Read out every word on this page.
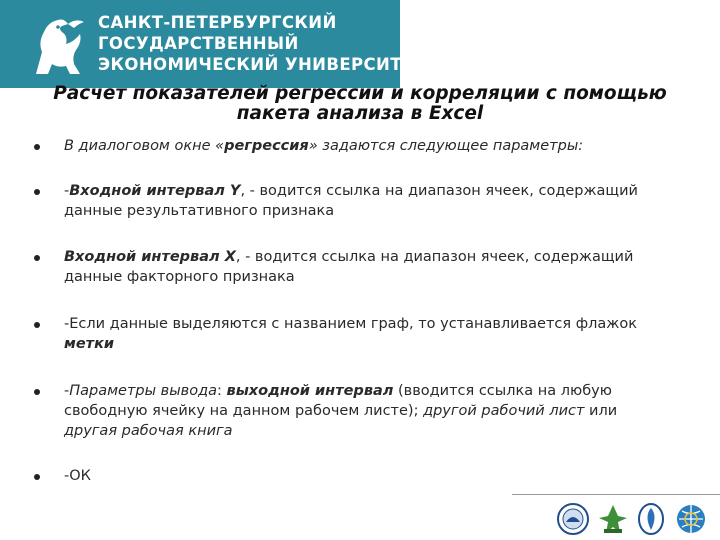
САНКТ-ПЕТЕРБУРГСКИЙ
ГОСУДАРСТВЕННЫЙ
ЭКОНОМИЧЕСКИЙ УНИВЕРСИТЕТ
Расчет показателей регрессии и корреляции с помощью
пакета анализа в Excel
В диалоговом окне «регрессия» задаются следующее параметры:
-Входной интервал Y, - водится ссылка на диапазон ячеек, содержащий
данные результативного признака
Входной интервал X, - водится ссылка на диапазон ячеек, содержащий
данные факторного признака
-Если данные выделяются с названием граф, то устанавливается флажок
метки
-Параметры вывода: выходной интервал (вводится ссылка на любую
свободную ячейку на данном рабочем листе); другой рабочий лист или
другая рабочая книга
-ОК
